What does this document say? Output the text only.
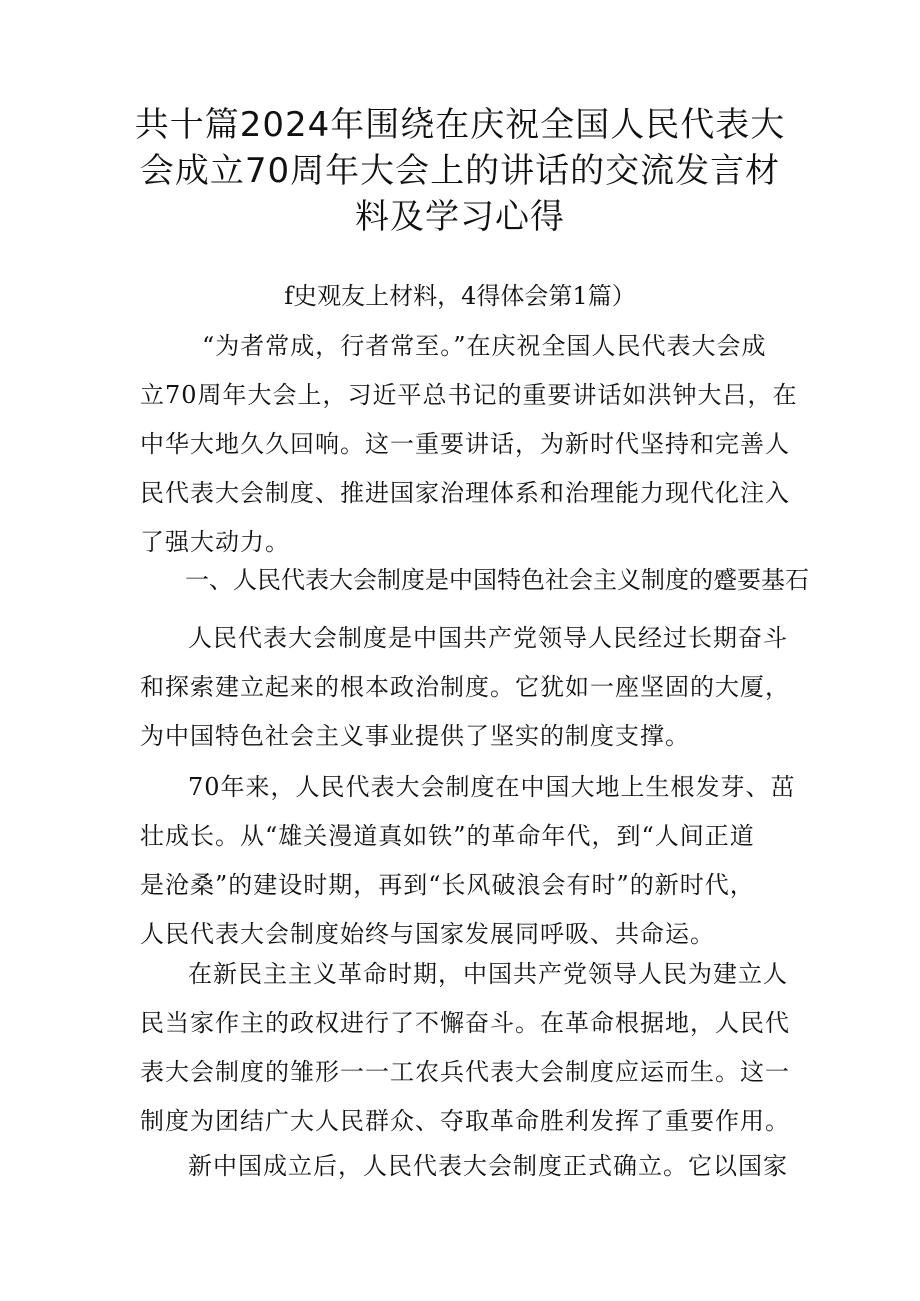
共十篇2024年围绕在庆祝全国人民代表大
会成立70周年大会上的讲话的交流发言材
料及学习心得
f史观友上材料，4得体会第1篇）
“为者常成，行者常至。”在庆祝全国人民代表大会成
立70周年大会上，习近平总书记的重要讲话如洪钟大吕，在
中华大地久久回响。这一重要讲话，为新时代坚持和完善人
民代表大会制度、推进国家治理体系和治理能力现代化注入
了强大动力。
一、人民代表大会制度是中国特色社会主义制度的蹙要基石
人民代表大会制度是中国共产党领导人民经过长期奋斗
和探索建立起来的根本政治制度。它犹如一座坚固的大厦，
为中国特色社会主义事业提供了坚实的制度支撑。
70年来，人民代表大会制度在中国大地上生根发芽、茁
壮成长。从“雄关漫道真如铁”的革命年代，到“人间正道
是沧桑”的建设时期，再到“长风破浪会有时”的新时代，
人民代表大会制度始终与国家发展同呼吸、共命运。
在新民主主义革命时期，中国共产党领导人民为建立人
民当家作主的政权进行了不懈奋斗。在革命根据地，人民代
表大会制度的雏形一一工农兵代表大会制度应运而生。这一
制度为团结广大人民群众、夺取革命胜利发挥了重要作用。
新中国成立后，人民代表大会制度正式确立。它以国家
